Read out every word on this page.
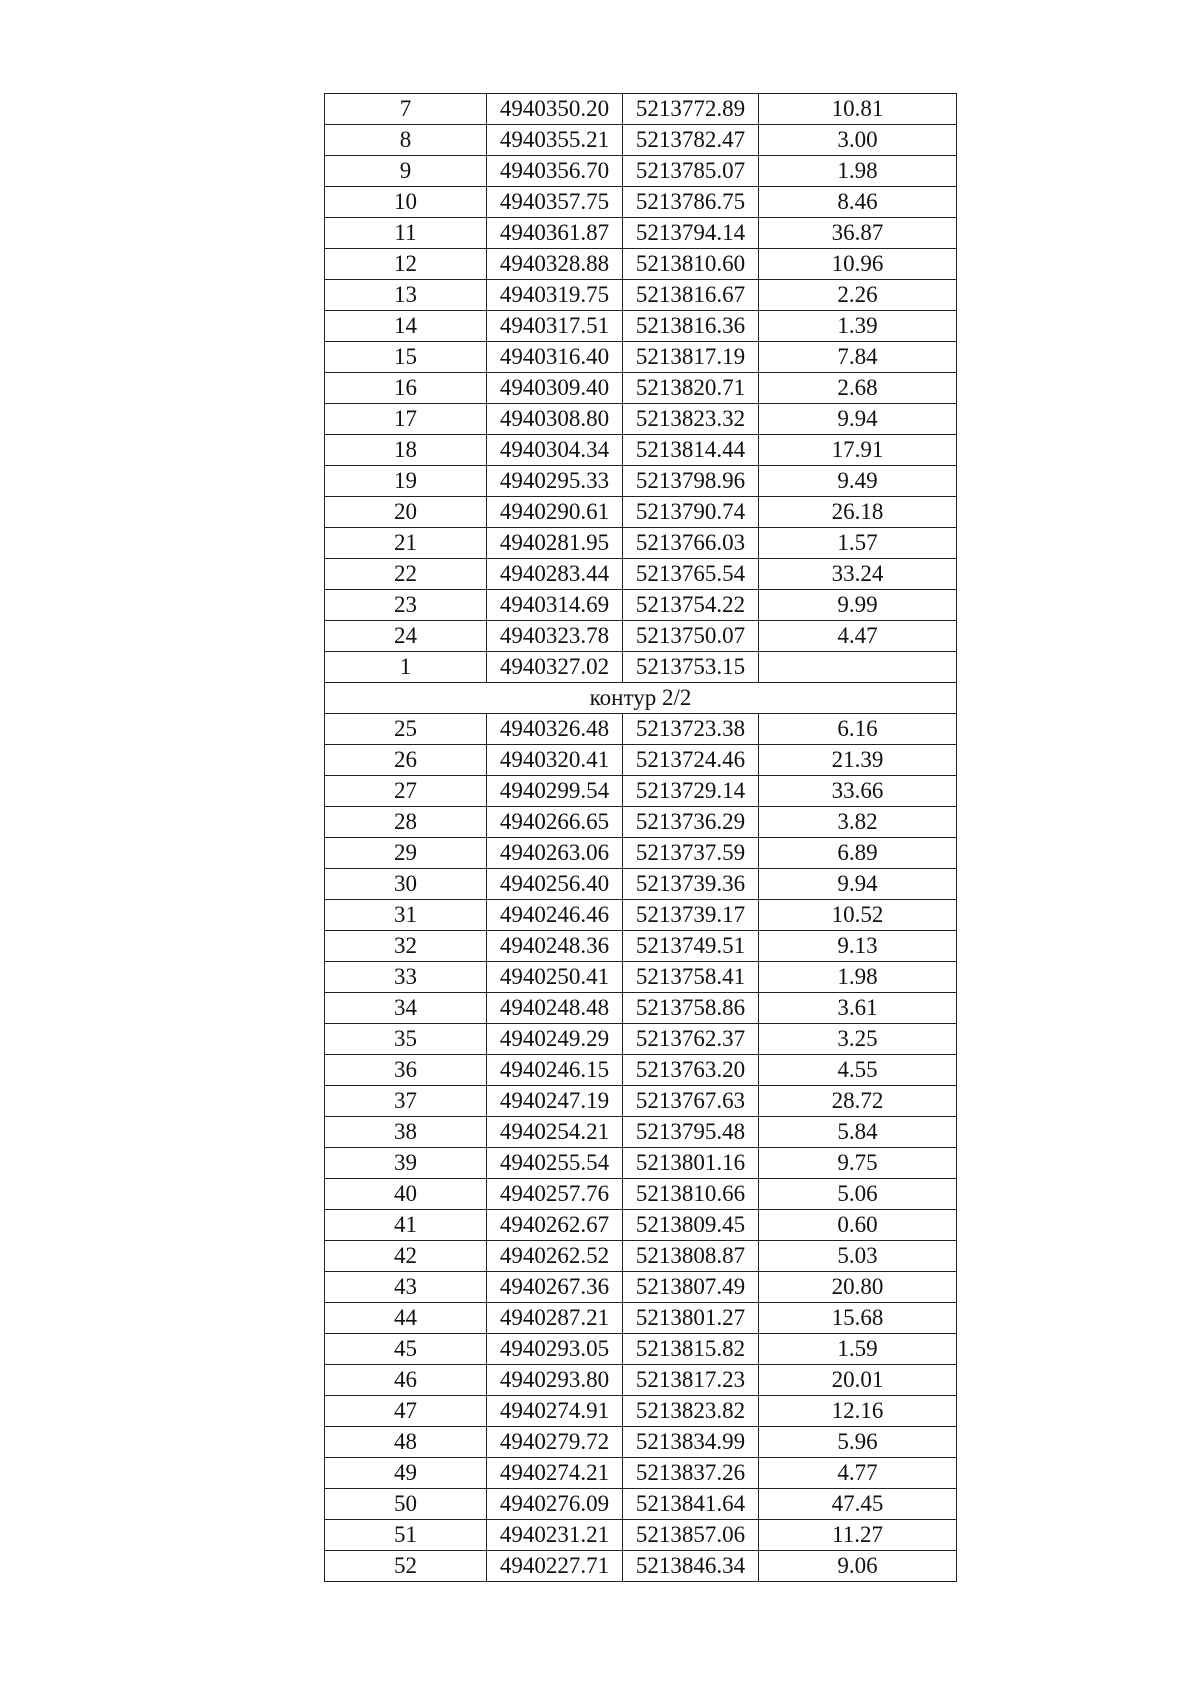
7	4940350.20	5213772.89	10.81
8	4940355.21	5213782.47	3.00
9	4940356.70	5213785.07	1.98
10	4940357.75	5213786.75	8.46
11	4940361.87	5213794.14	36.87
12	4940328.88	5213810.60	10.96
13	4940319.75	5213816.67	2.26
14	4940317.51	5213816.36	1.39
15	4940316.40	5213817.19	7.84
16	4940309.40	5213820.71	2.68
17	4940308.80	5213823.32	9.94
18	4940304.34	5213814.44	17.91
19	4940295.33	5213798.96	9.49
20	4940290.61	5213790.74	26.18
21	4940281.95	5213766.03	1.57
22	4940283.44	5213765.54	33.24
23	4940314.69	5213754.22	9.99
24	4940323.78	5213750.07	4.47
1	4940327.02	5213753.15	
контур 2/2			
25	4940326.48	5213723.38	6.16
26	4940320.41	5213724.46	21.39
27	4940299.54	5213729.14	33.66
28	4940266.65	5213736.29	3.82
29	4940263.06	5213737.59	6.89
30	4940256.40	5213739.36	9.94
31	4940246.46	5213739.17	10.52
32	4940248.36	5213749.51	9.13
33	4940250.41	5213758.41	1.98
34	4940248.48	5213758.86	3.61
35	4940249.29	5213762.37	3.25
36	4940246.15	5213763.20	4.55
37	4940247.19	5213767.63	28.72
38	4940254.21	5213795.48	5.84
39	4940255.54	5213801.16	9.75
40	4940257.76	5213810.66	5.06
41	4940262.67	5213809.45	0.60
42	4940262.52	5213808.87	5.03
43	4940267.36	5213807.49	20.80
44	4940287.21	5213801.27	15.68
45	4940293.05	5213815.82	1.59
46	4940293.80	5213817.23	20.01
47	4940274.91	5213823.82	12.16
48	4940279.72	5213834.99	5.96
49	4940274.21	5213837.26	4.77
50	4940276.09	5213841.64	47.45
51	4940231.21	5213857.06	11.27
52	4940227.71	5213846.34	9.06
